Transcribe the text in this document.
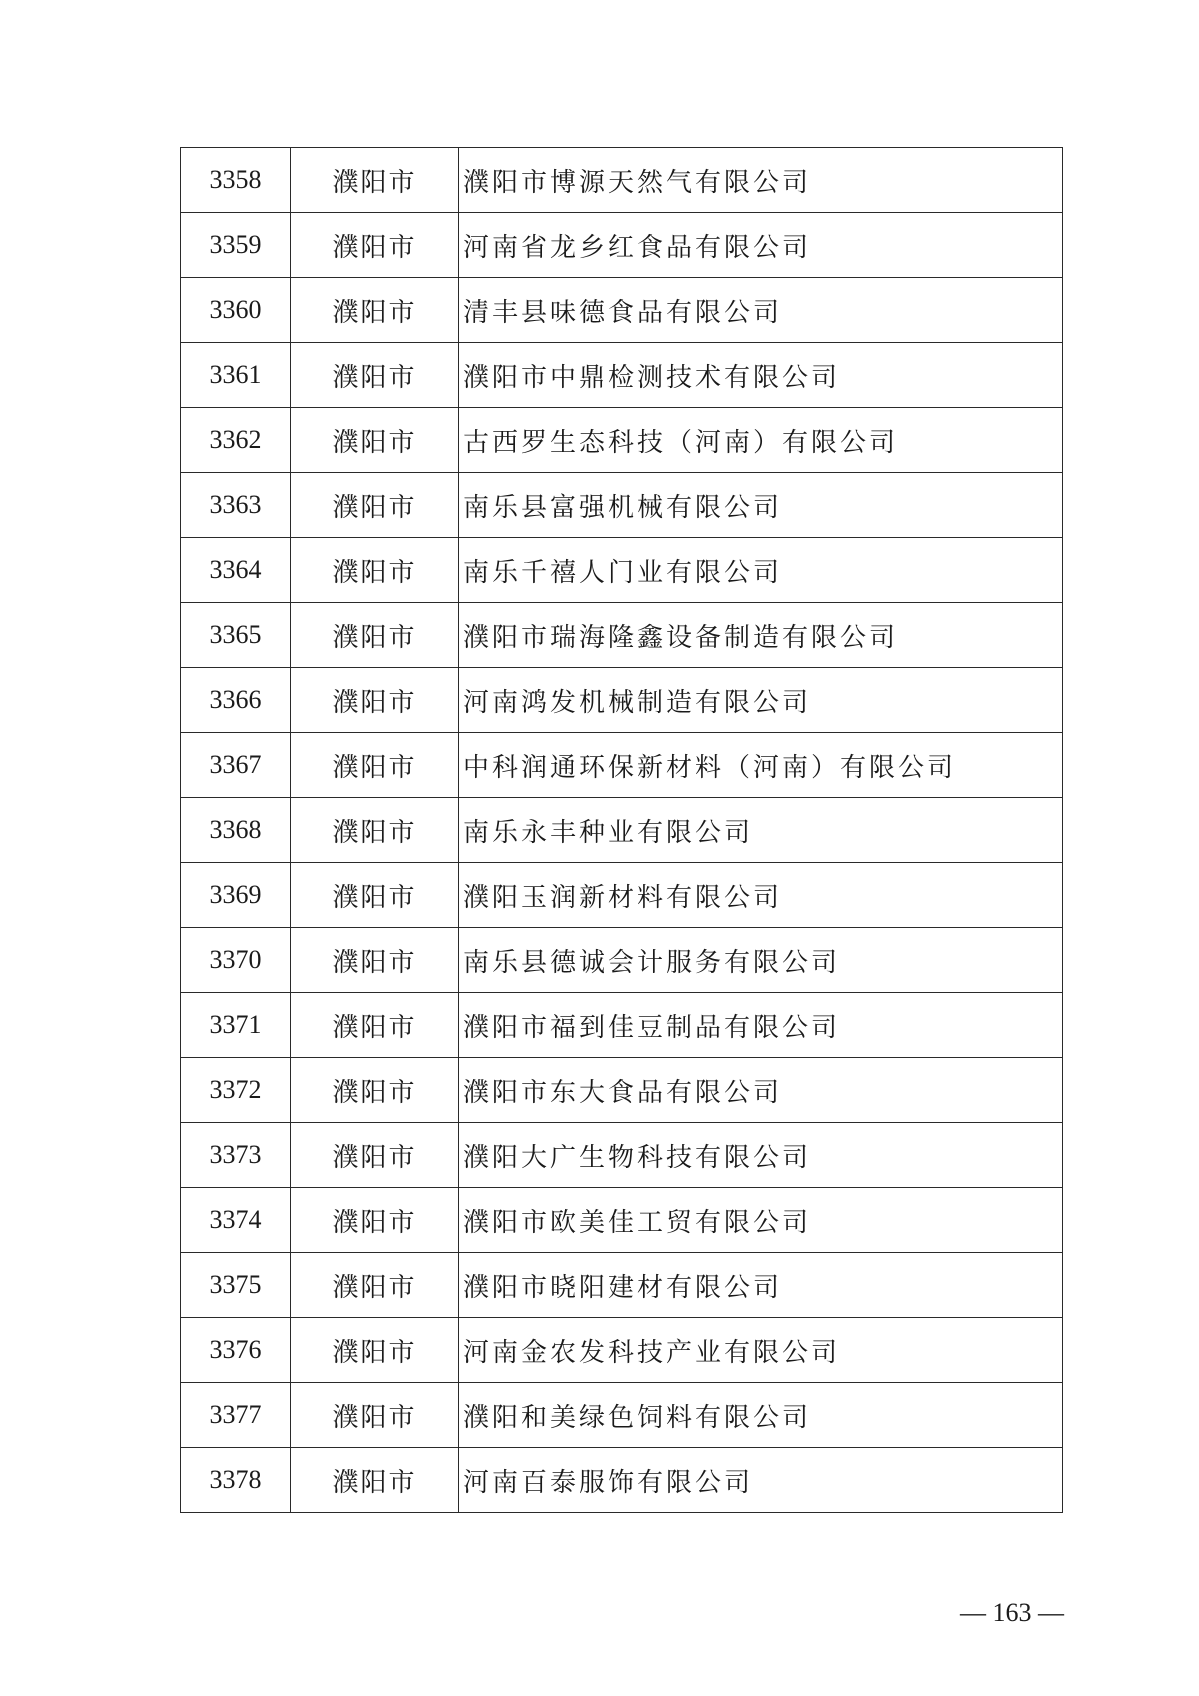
3358	濮阳市	濮阳市博源天然气有限公司
3359	濮阳市	河南省龙乡红食品有限公司
3360	濮阳市	清丰县味德食品有限公司
3361	濮阳市	濮阳市中鼎检测技术有限公司
3362	濮阳市	古西罗生态科技（河南）有限公司
3363	濮阳市	南乐县富强机械有限公司
3364	濮阳市	南乐千禧人门业有限公司
3365	濮阳市	濮阳市瑞海隆鑫设备制造有限公司
3366	濮阳市	河南鸿发机械制造有限公司
3367	濮阳市	中科润通环保新材料（河南）有限公司
3368	濮阳市	南乐永丰种业有限公司
3369	濮阳市	濮阳玉润新材料有限公司
3370	濮阳市	南乐县德诚会计服务有限公司
3371	濮阳市	濮阳市福到佳豆制品有限公司
3372	濮阳市	濮阳市东大食品有限公司
3373	濮阳市	濮阳大广生物科技有限公司
3374	濮阳市	濮阳市欧美佳工贸有限公司
3375	濮阳市	濮阳市晓阳建材有限公司
3376	濮阳市	河南金农发科技产业有限公司
3377	濮阳市	濮阳和美绿色饲料有限公司
3378	濮阳市	河南百泰服饰有限公司
— 163 —
